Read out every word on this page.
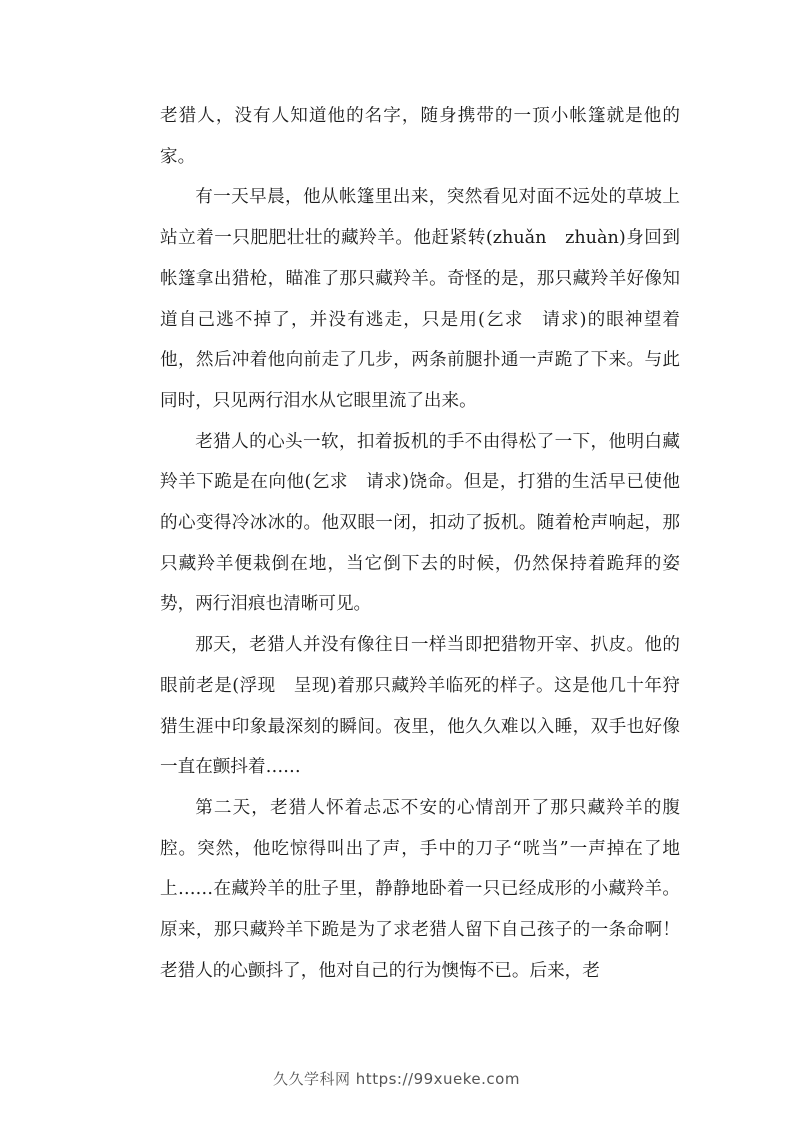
老猎人，没有人知道他的名字，随身携带的一顶小帐篷就是他的家。

有一天早晨，他从帐篷里出来，突然看见对面不远处的草坡上站立着一只肥肥壮壮的藏羚羊。他赶紧转(zhuǎn　zhuàn)身回到帐篷拿出猎枪，瞄准了那只藏羚羊。奇怪的是，那只藏羚羊好像知道自己逃不掉了，并没有逃走，只是用(乞求　请求)的眼神望着他，然后冲着他向前走了几步，两条前腿扑通一声跪了下来。与此同时，只见两行泪水从它眼里流了出来。

老猎人的心头一软，扣着扳机的手不由得松了一下，他明白藏羚羊下跪是在向他(乞求　请求)饶命。但是，打猎的生活早已使他的心变得冷冰冰的。他双眼一闭，扣动了扳机。随着枪声响起，那只藏羚羊便栽倒在地，当它倒下去的时候，仍然保持着跪拜的姿势，两行泪痕也清晰可见。

那天，老猎人并没有像往日一样当即把猎物开宰、扒皮。他的眼前老是(浮现　呈现)着那只藏羚羊临死的样子。这是他几十年狩猎生涯中印象最深刻的瞬间。夜里，他久久难以入睡，双手也好像一直在颤抖着……

第二天，老猎人怀着忐忑不安的心情剖开了那只藏羚羊的腹腔。突然，他吃惊得叫出了声，手中的刀子“咣当”一声掉在了地上……在藏羚羊的肚子里，静静地卧着一只已经成形的小藏羚羊。原来，那只藏羚羊下跪是为了求老猎人留下自己孩子的一条命啊！老猎人的心颤抖了，他对自己的行为懊悔不已。后来，老

久久学科网 https://99xueke.com
